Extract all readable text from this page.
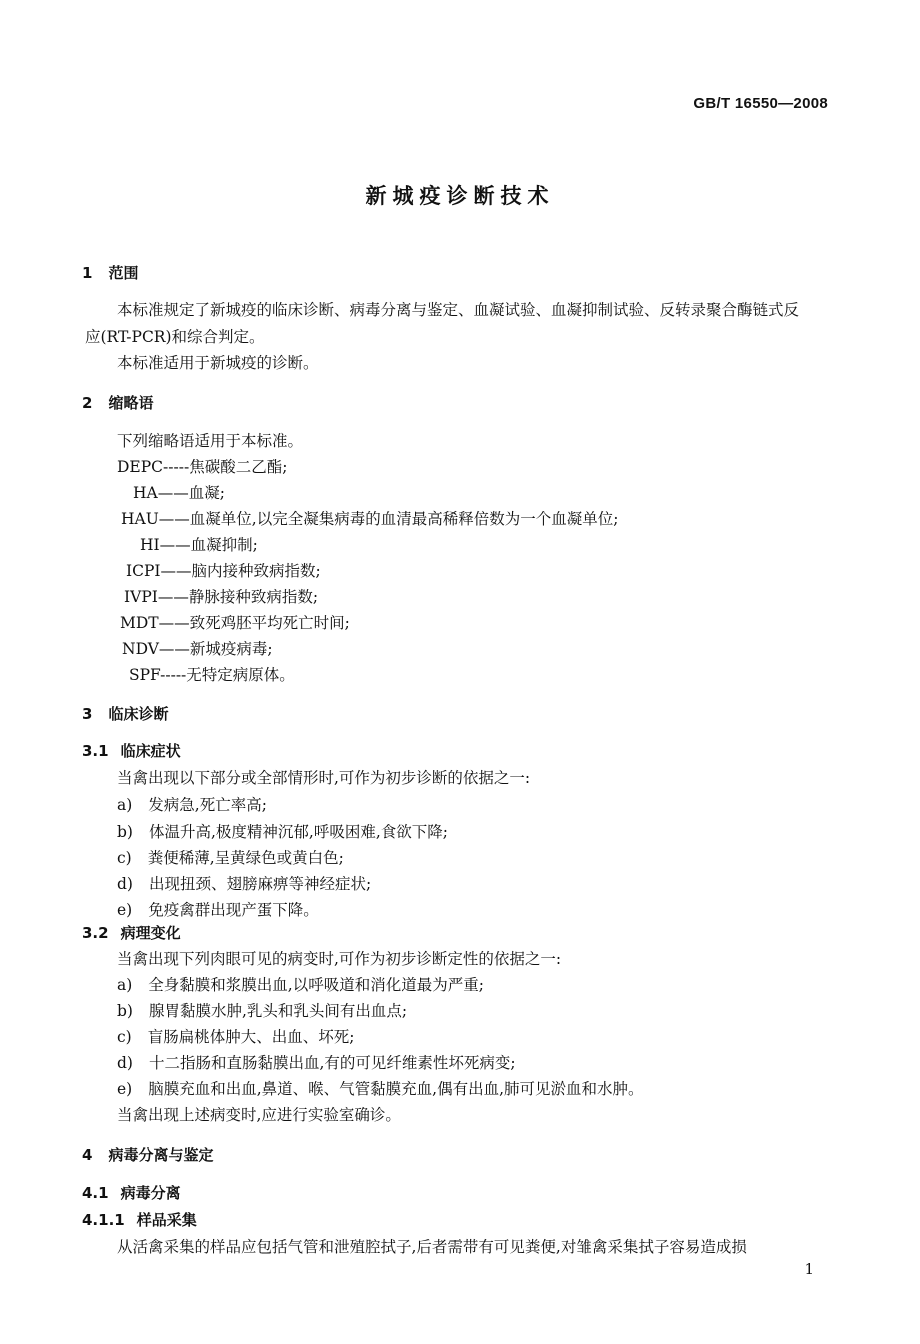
GB/T 16550—2008
新城疫诊断技术
1 范围
本标准规定了新城疫的临床诊断、病毒分离与鉴定、血凝试验、血凝抑制试验、反转录聚合酶链式反
应(RT-PCR)和综合判定。
本标准适用于新城疫的诊断。
2 缩略语
下列缩略语适用于本标准。
DEPC-----焦碳酸二乙酯;
HA——血凝;
HAU——血凝单位,以完全凝集病毒的血清最高稀释倍数为一个血凝单位;
HI——血凝抑制;
ICPI——脑内接种致病指数;
IVPI——静脉接种致病指数;
MDT——致死鸡胚平均死亡时间;
NDV——新城疫病毒;
SPF-----无特定病原体。
3 临床诊断
3.1 临床症状
当禽出现以下部分或全部情形时,可作为初步诊断的依据之一:
a) 发病急,死亡率高;
b) 体温升高,极度精神沉郁,呼吸困难,食欲下降;
c) 粪便稀薄,呈黄绿色或黄白色;
d) 出现扭颈、翅膀麻痹等神经症状;
e) 免疫禽群出现产蛋下降。
3.2 病理变化
当禽出现下列肉眼可见的病变时,可作为初步诊断定性的依据之一:
a) 全身黏膜和浆膜出血,以呼吸道和消化道最为严重;
b) 腺胃黏膜水肿,乳头和乳头间有出血点;
c) 盲肠扁桃体肿大、出血、坏死;
d) 十二指肠和直肠黏膜出血,有的可见纤维素性坏死病变;
e) 脑膜充血和出血,鼻道、喉、气管黏膜充血,偶有出血,肺可见淤血和水肿。
当禽出现上述病变时,应进行实验室确诊。
4 病毒分离与鉴定
4.1 病毒分离
4.1.1 样品采集
从活禽采集的样品应包括气管和泄殖腔拭子,后者需带有可见粪便,对雏禽采集拭子容易造成损
1
